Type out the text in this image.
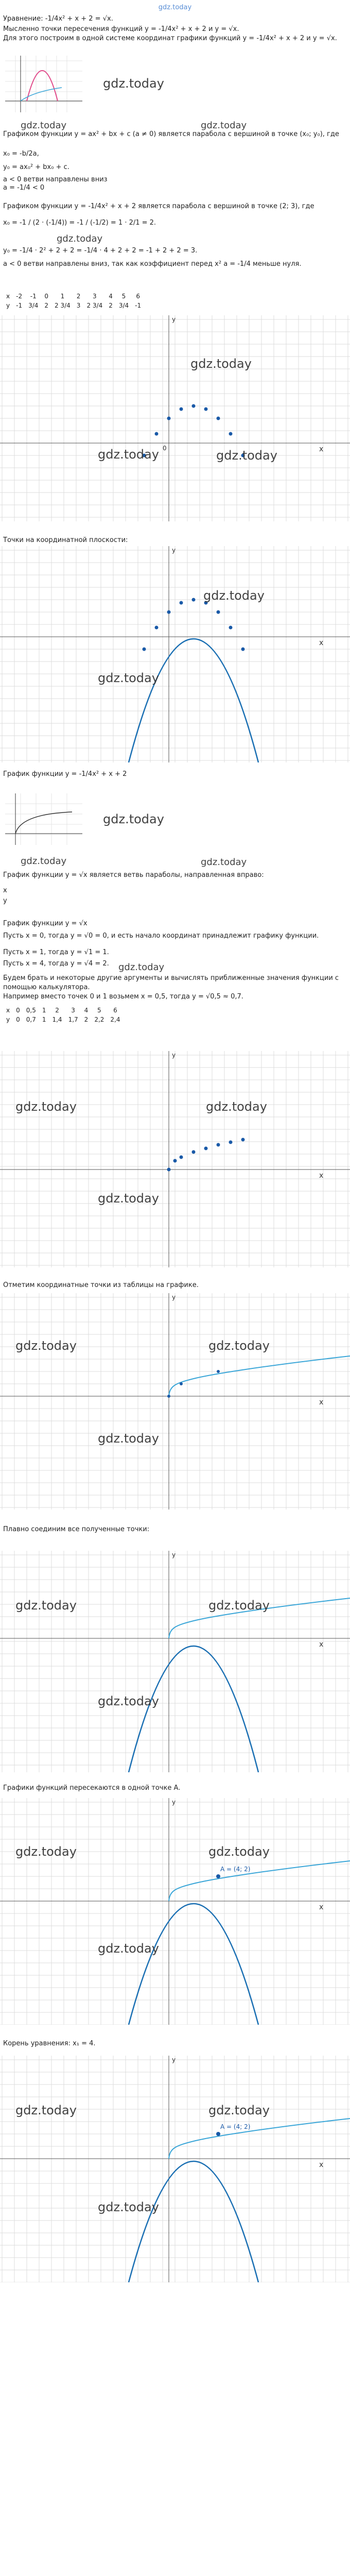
gdz.today
Уравнение: -1/4x² + x + 2 = √x.
Мысленно точки пересечения функций y = -1/4x² + x + 2 и y = √x.
Для этого построим в одной системе координат графики функций y = -1/4x² + x + 2 и y = √x.
gdz.today
gdz.today	gdz.today
Графиком функции y = ax² + bx + c (a ≠ 0) является парабола с вершиной в точке (x₀; y₀), где
x₀ = -b/2a,
y₀ = ax₀² + bx₀ + c.
a < 0 ветви направлены вниз
a = -1/4 < 0
Графиком функции y = -1/4x² + x + 2 является парабола с вершиной в точке (2; 3), где
x₀ = -1 / (2 · (-1/4)) = -1 / (-1/2) = 1 · 2/1 = 2.
gdz.today
y₀ = -1/4 · 2² + 2 + 2 = -1/4 · 4 + 2 + 2 = -1 + 2 + 2 = 3.
a < 0 ветви направлены вниз, так как коэффициент перед x² a = -1/4 меньше нуля.
x	-2	-1	0	1	2	3	4	5	6
y	-1	3/4	2	2 3/4	3	2 3/4	2	3/4	-1
y
x
0
gdz.today
gdz.today	gdz.today
Точки на координатной плоскости:
y
x
gdz.today
gdz.today
График функции y = -1/4x² + x + 2
gdz.today
gdz.today	gdz.today
График функции y = √x является ветвь параболы, направленная вправо:
x
y
График функции y = √x
Пусть x = 0, тогда y = √0 = 0, и есть начало координат принадлежит графику функции.
Пусть x = 1, тогда y = √1 = 1.
Пусть x = 4, тогда y = √4 = 2.	gdz.today
Будем брать и некоторые другие аргументы и вычислять приближенные значения функции с помощью калькулятора.
Например вместо точек 0 и 1 возьмем x = 0,5, тогда y = √0,5 ≈ 0,7.
x	0	0,5	1	2	3	4	5	6
y	0	0,7	1	1,4	1,7	2	2,2	2,4
y
x
gdz.today	gdz.today
gdz.today
Отметим координатные точки из таблицы на графике.
y
x
gdz.today	gdz.today
gdz.today
Плавно соединим все полученные точки:
y
x
gdz.today	gdz.today
gdz.today
Графики функций пересекаются в одной точке А.
y
x
A = (4; 2)
gdz.today	gdz.today
gdz.today
Корень уравнения: x₁ = 4.
y
x
A = (4; 2)
gdz.today	gdz.today
gdz.today
